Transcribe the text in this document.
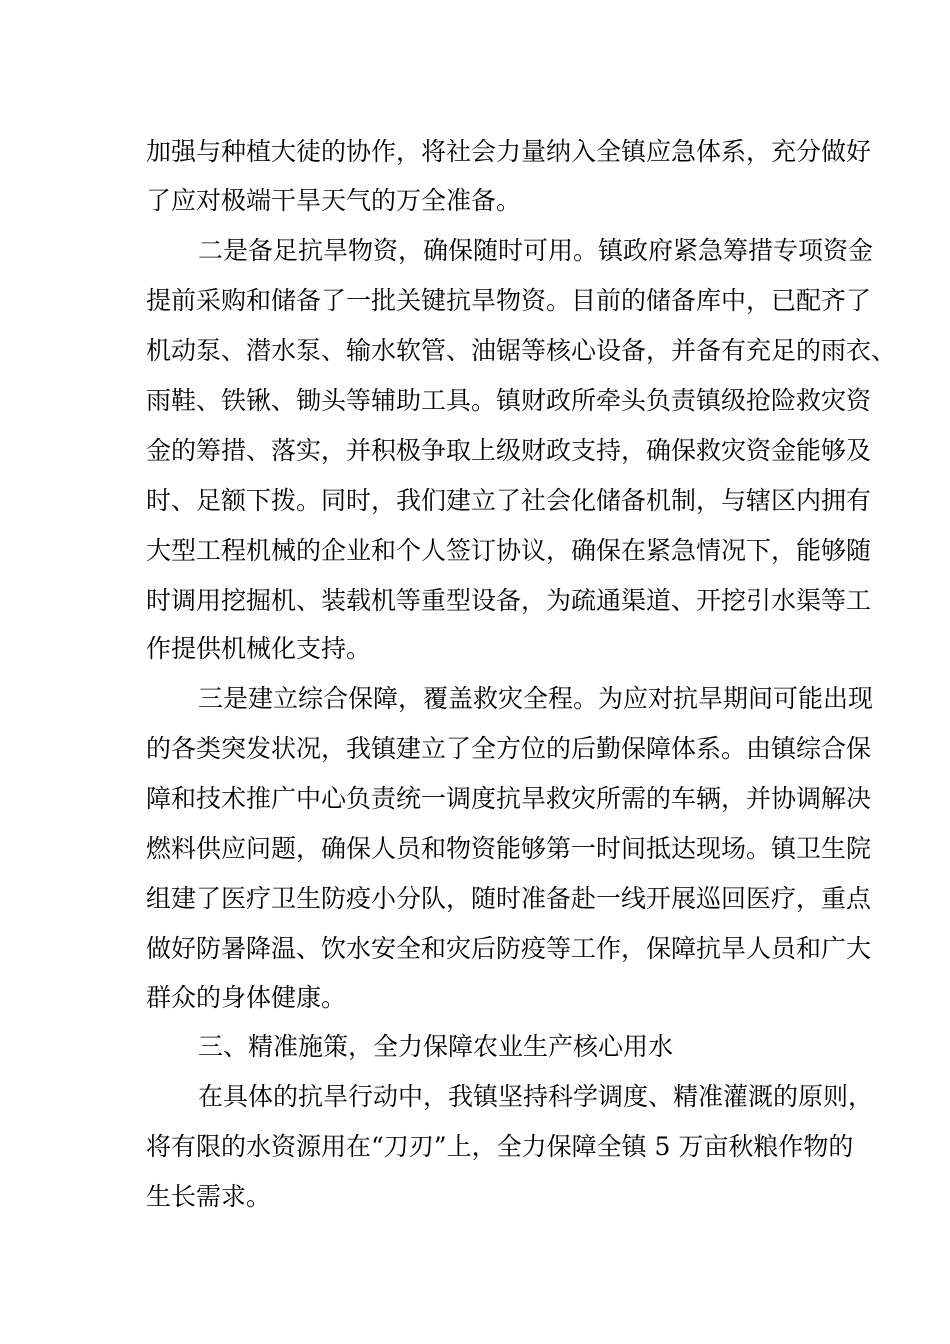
加强与种植大徒的协作，将社会力量纳入全镇应急体系，充分做好
了应对极端干旱天气的万全准备。
二是备足抗旱物资，确保随时可用。镇政府紧急筹措专项资金
提前采购和储备了一批关键抗旱物资。目前的储备库中，已配齐了
机动泵、潜水泵、输水软管、油锯等核心设备，并备有充足的雨衣、
雨鞋、铁锹、锄头等辅助工具。镇财政所牵头负责镇级抢险救灾资
金的筹措、落实，并积极争取上级财政支持，确保救灾资金能够及
时、足额下拨。同时，我们建立了社会化储备机制，与辖区内拥有
大型工程机械的企业和个人签订协议，确保在紧急情况下，能够随
时调用挖掘机、装载机等重型设备，为疏通渠道、开挖引水渠等工
作提供机械化支持。
三是建立综合保障，覆盖救灾全程。为应对抗旱期间可能出现
的各类突发状况，我镇建立了全方位的后勤保障体系。由镇综合保
障和技术推广中心负责统一调度抗旱救灾所需的车辆，并协调解决
燃料供应问题，确保人员和物资能够第一时间抵达现场。镇卫生院
组建了医疗卫生防疫小分队，随时准备赴一线开展巡回医疗，重点
做好防暑降温、饮水安全和灾后防疫等工作，保障抗旱人员和广大
群众的身体健康。
三、精准施策，全力保障农业生产核心用水
在具体的抗旱行动中，我镇坚持科学调度、精准灌溉的原则，
将有限的水资源用在“刀刃”上，全力保障全镇 5 万亩秋粮作物的
生长需求。
